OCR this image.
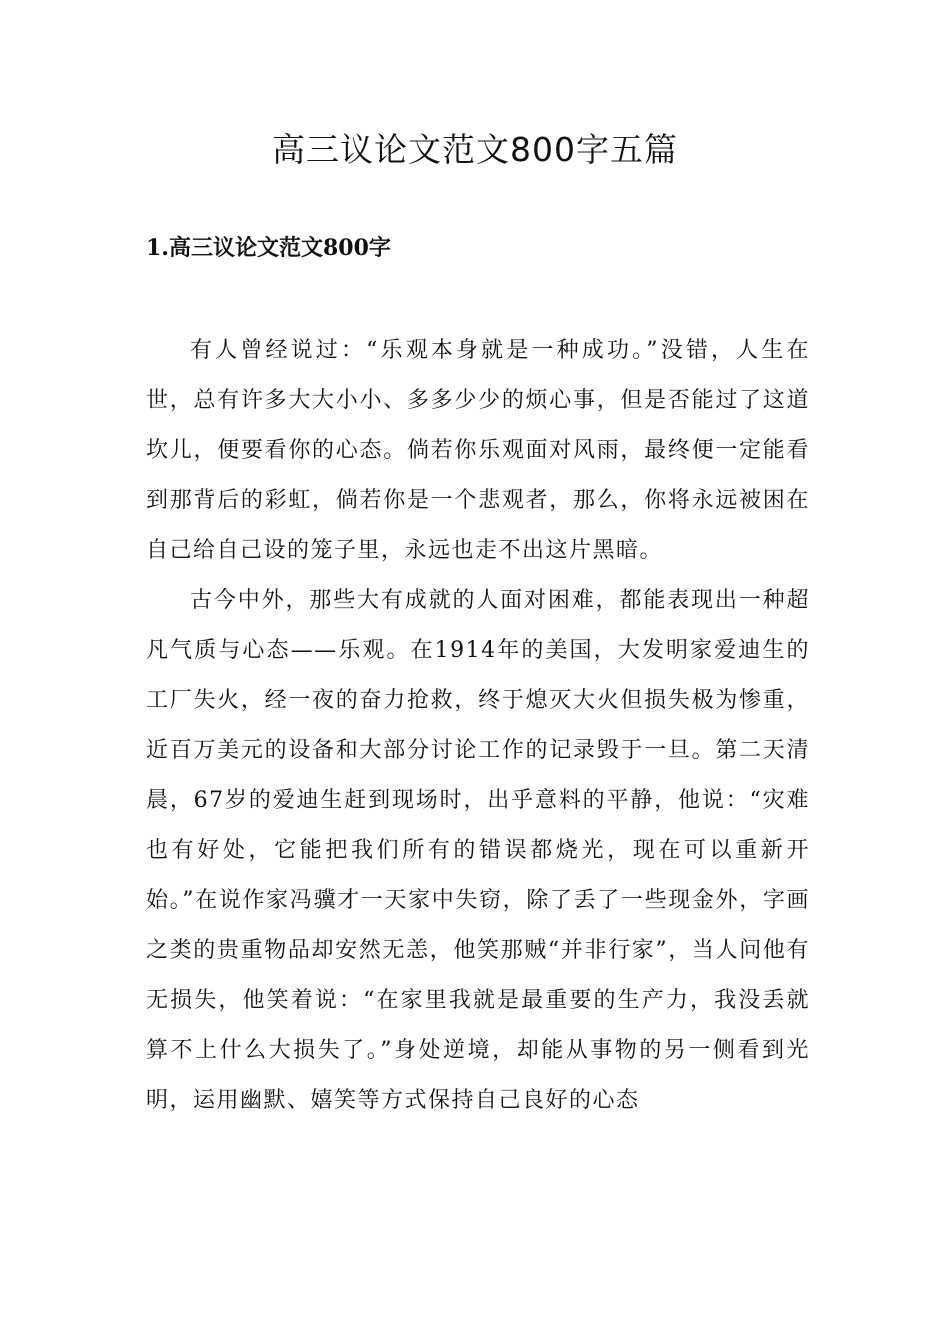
高三议论文范文800字五篇
1.高三议论文范文800字

有人曾经说过：“乐观本身就是一种成功。”没错，人生在世，总有许多大大小小、多多少少的烦心事，但是否能过了这道坎儿，便要看你的心态。倘若你乐观面对风雨，最终便一定能看到那背后的彩虹，倘若你是一个悲观者，那么，你将永远被困在自己给自己设的笼子里，永远也走不出这片黑暗。

古今中外，那些大有成就的人面对困难，都能表现出一种超凡气质与心态——乐观。在1914年的美国，大发明家爱迪生的工厂失火，经一夜的奋力抢救，终于熄灭大火但损失极为惨重，近百万美元的设备和大部分讨论工作的记录毁于一旦。第二天清晨，67岁的爱迪生赶到现场时，出乎意料的平静，他说：“灾难也有好处，它能把我们所有的错误都烧光，现在可以重新开始。”在说作家冯骥才一天家中失窃，除了丢了一些现金外，字画之类的贵重物品却安然无恙，他笑那贼“并非行家”，当人问他有无损失，他笑着说：“在家里我就是最重要的生产力，我没丢就算不上什么大损失了。”身处逆境，却能从事物的另一侧看到光明，运用幽默、嬉笑等方式保持自己良好的心态
